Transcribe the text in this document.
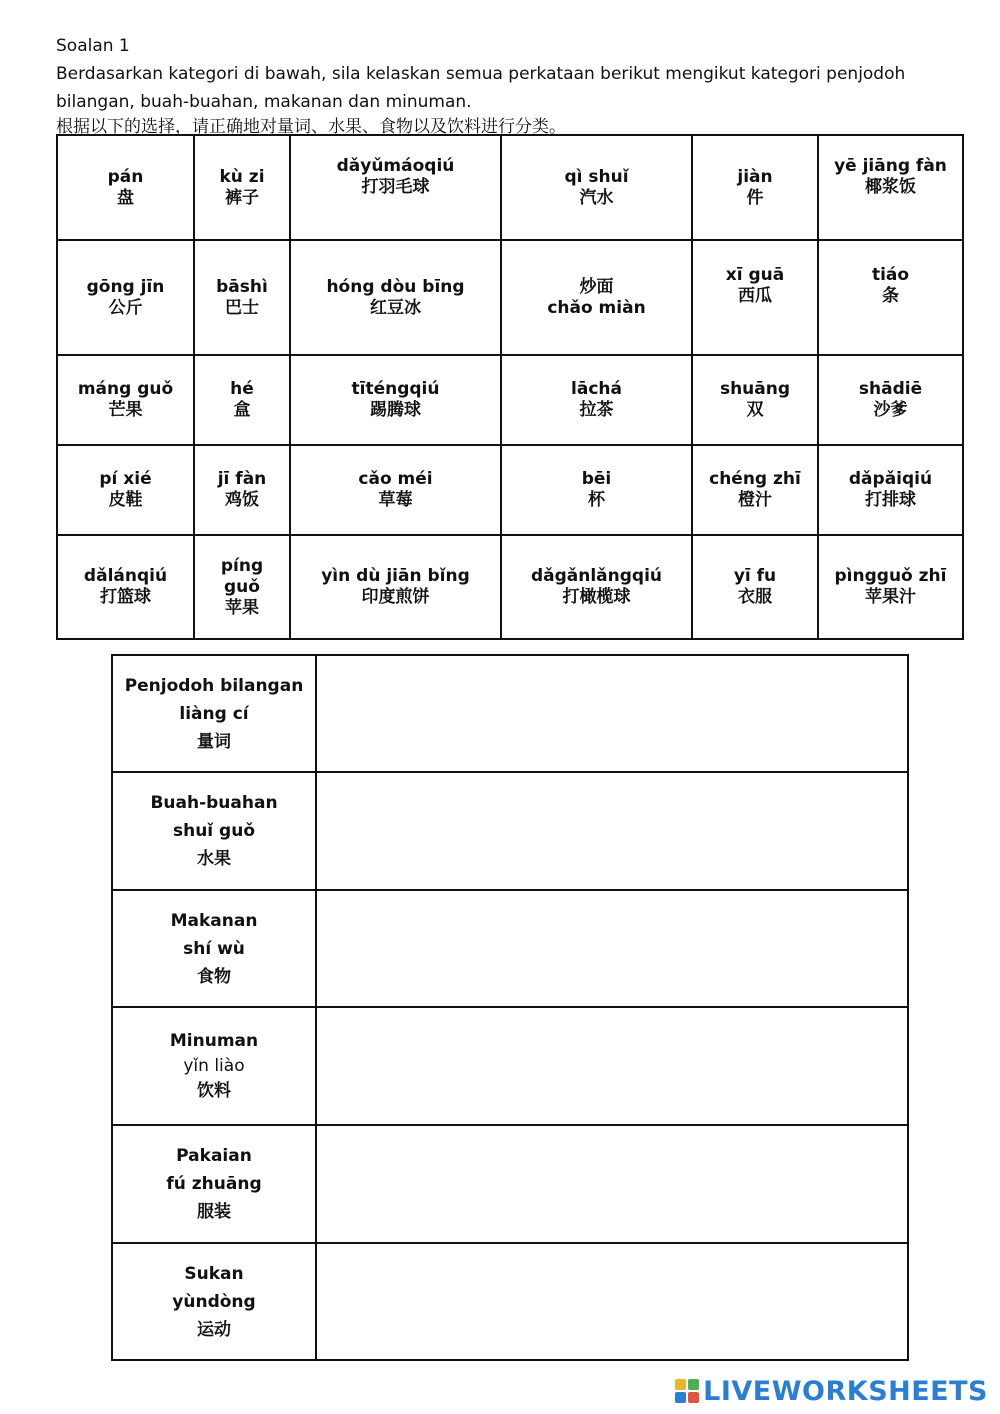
Soalan 1
Berdasarkan kategori di bawah, sila kelaskan semua perkataan berikut mengikut kategori penjodoh
bilangan, buah-buahan, makanan dan minuman.
根据以下的选择，请正确地对量词、水果、食物以及饮料进行分类。
pán
盘	kù zi
裤子	dǎyǔmáoqiú
打羽毛球	qì shuǐ
汽水	jiàn
件	yē jiāng fàn
椰浆饭

gōng jīn
公斤	bāshì
巴士	hóng dòu bīng
红豆冰	炒面
chǎo miàn	xī guā
西瓜	tiáo
条

máng guǒ
芒果	hé
盒	tīténgqiú
踢腾球	lāchá
拉茶	shuāng
双	shādiē
沙爹

pí xié
皮鞋	jī fàn
鸡饭	cǎo méi
草莓	bēi
杯	chéng zhī
橙汁	dǎpǎiqiú
打排球

dǎlánqiú
打篮球	píng guǒ
苹果	yìn dù jiān bǐng
印度煎饼	dǎgǎnlǎngqiú
打橄榄球	yī fu
衣服	pìngguǒ zhī
苹果汁
Penjodoh bilangan
liàng cí
量词	

Buah-buahan
shuǐ guǒ
水果	

Makanan
shí wù
食物	

Minuman
yǐn liào
饮料	

Pakaian
fú zhuāng
服装	

Sukan
yùndòng
运动	

LIVEWORKSHEETS
